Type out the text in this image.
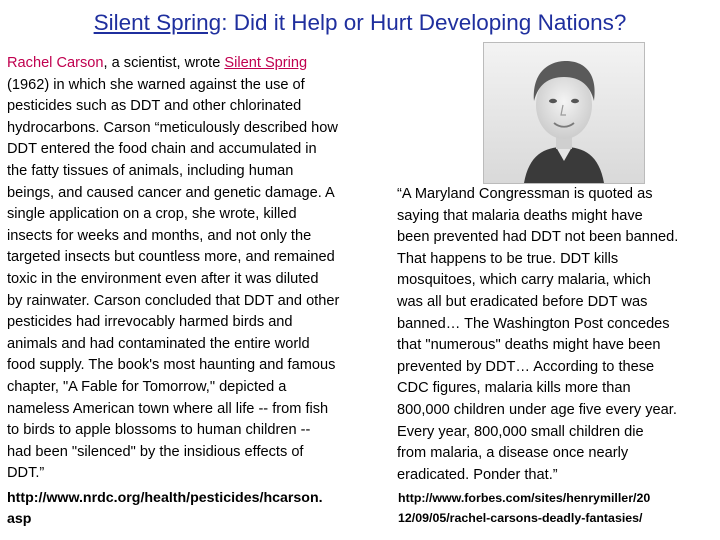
Silent Spring: Did it Help or Hurt Developing Nations?
Rachel Carson, a scientist, wrote Silent Spring
(1962) in which she warned against the use of
pesticides such as DDT and other chlorinated
hydrocarbons. Carson “meticulously described how
DDT entered the food chain and accumulated in
the fatty tissues of animals, including human
beings, and caused cancer and genetic damage. A
single application on a crop, she wrote, killed
insects for weeks and months, and not only the
targeted insects but countless more, and remained
toxic in the environment even after it was diluted
by rainwater. Carson concluded that DDT and other
pesticides had irrevocably harmed birds and
animals and had contaminated the entire world
food supply. The book's most haunting and famous
chapter, "A Fable for Tomorrow," depicted a
nameless American town where all life -- from fish
to birds to apple blossoms to human children --
had been "silenced" by the insidious effects of
DDT.”
http://www.nrdc.org/health/pesticides/hcarson.
asp
“A Maryland Congressman is quoted as
saying that malaria deaths might have
been prevented had DDT not been banned.
That happens to be true. DDT kills
mosquitoes, which carry malaria, which
was all but eradicated before DDT was
banned… The Washington Post concedes
that "numerous" deaths might have been
prevented by DDT… According to these
CDC figures, malaria kills more than
800,000 children under age five every year.
Every year, 800,000 small children die
from malaria, a disease once nearly
eradicated. Ponder that.”
http://www.forbes.com/sites/henrymiller/20
12/09/05/rachel-carsons-deadly-fantasies/
